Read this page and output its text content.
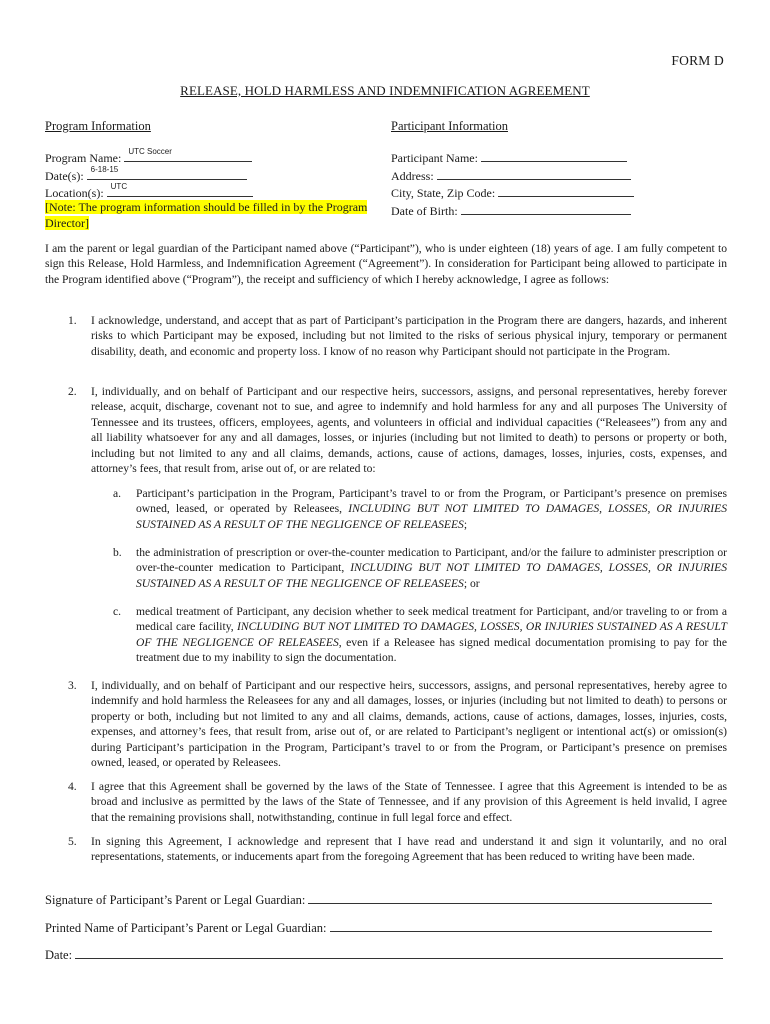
FORM D
RELEASE, HOLD HARMLESS AND INDEMNIFICATION AGREEMENT
Program Information
Program Name: UTC Soccer
Date(s): 6-18-15
Location(s): UTC
[Note: The program information should be filled in by the Program Director]
Participant Information
Participant Name:
Address:
City, State, Zip Code:
Date of Birth:
I am the parent or legal guardian of the Participant named above (“Participant”), who is under eighteen (18) years of age. I am fully competent to sign this Release, Hold Harmless, and Indemnification Agreement (“Agreement”). In consideration for Participant being allowed to participate in the Program identified above (“Program”), the receipt and sufficiency of which I hereby acknowledge, I agree as follows:
1. I acknowledge, understand, and accept that as part of Participant’s participation in the Program there are dangers, hazards, and inherent risks to which Participant may be exposed, including but not limited to the risks of serious physical injury, temporary or permanent disability, death, and economic and property loss. I know of no reason why Participant should not participate in the Program.
2. I, individually, and on behalf of Participant and our respective heirs, successors, assigns, and personal representatives, hereby forever release, acquit, discharge, covenant not to sue, and agree to indemnify and hold harmless for any and all purposes The University of Tennessee and its trustees, officers, employees, agents, and volunteers in official and individual capacities (“Releasees”) from any and all liability whatsoever for any and all damages, losses, or injuries (including but not limited to death) to persons or property or both, including but not limited to any and all claims, demands, actions, cause of actions, damages, losses, injuries, costs, expenses, and attorney’s fees, that result from, arise out of, or are related to:
a. Participant’s participation in the Program, Participant’s travel to or from the Program, or Participant’s presence on premises owned, leased, or operated by Releasees, INCLUDING BUT NOT LIMITED TO DAMAGES, LOSSES, OR INJURIES SUSTAINED AS A RESULT OF THE NEGLIGENCE OF RELEASEES;
b. the administration of prescription or over-the-counter medication to Participant, and/or the failure to administer prescription or over-the-counter medication to Participant, INCLUDING BUT NOT LIMITED TO DAMAGES, LOSSES, OR INJURIES SUSTAINED AS A RESULT OF THE NEGLIGENCE OF RELEASEES; or
c. medical treatment of Participant, any decision whether to seek medical treatment for Participant, and/or traveling to or from a medical care facility, INCLUDING BUT NOT LIMITED TO DAMAGES, LOSSES, OR INJURIES SUSTAINED AS A RESULT OF THE NEGLIGENCE OF RELEASEES, even if a Releasee has signed medical documentation promising to pay for the treatment due to my inability to sign the documentation.
3. I, individually, and on behalf of Participant and our respective heirs, successors, assigns, and personal representatives, hereby agree to indemnify and hold harmless the Releasees for any and all damages, losses, or injuries (including but not limited to death) to persons or property or both, including but not limited to any and all claims, demands, actions, cause of actions, damages, losses, injuries, costs, expenses, and attorney’s fees, that result from, arise out of, or are related to Participant’s negligent or intentional act(s) or omission(s) during Participant’s participation in the Program, Participant’s travel to or from the Program, or Participant’s presence on premises owned, leased, or operated by Releasees.
4. I agree that this Agreement shall be governed by the laws of the State of Tennessee. I agree that this Agreement is intended to be as broad and inclusive as permitted by the laws of the State of Tennessee, and if any provision of this Agreement is held invalid, I agree that the remaining provisions shall, notwithstanding, continue in full legal force and effect.
5. In signing this Agreement, I acknowledge and represent that I have read and understand it and sign it voluntarily, and no oral representations, statements, or inducements apart from the foregoing Agreement that has been reduced to writing have been made.
Signature of Participant’s Parent or Legal Guardian:
Printed Name of Participant’s Parent or Legal Guardian:
Date:
